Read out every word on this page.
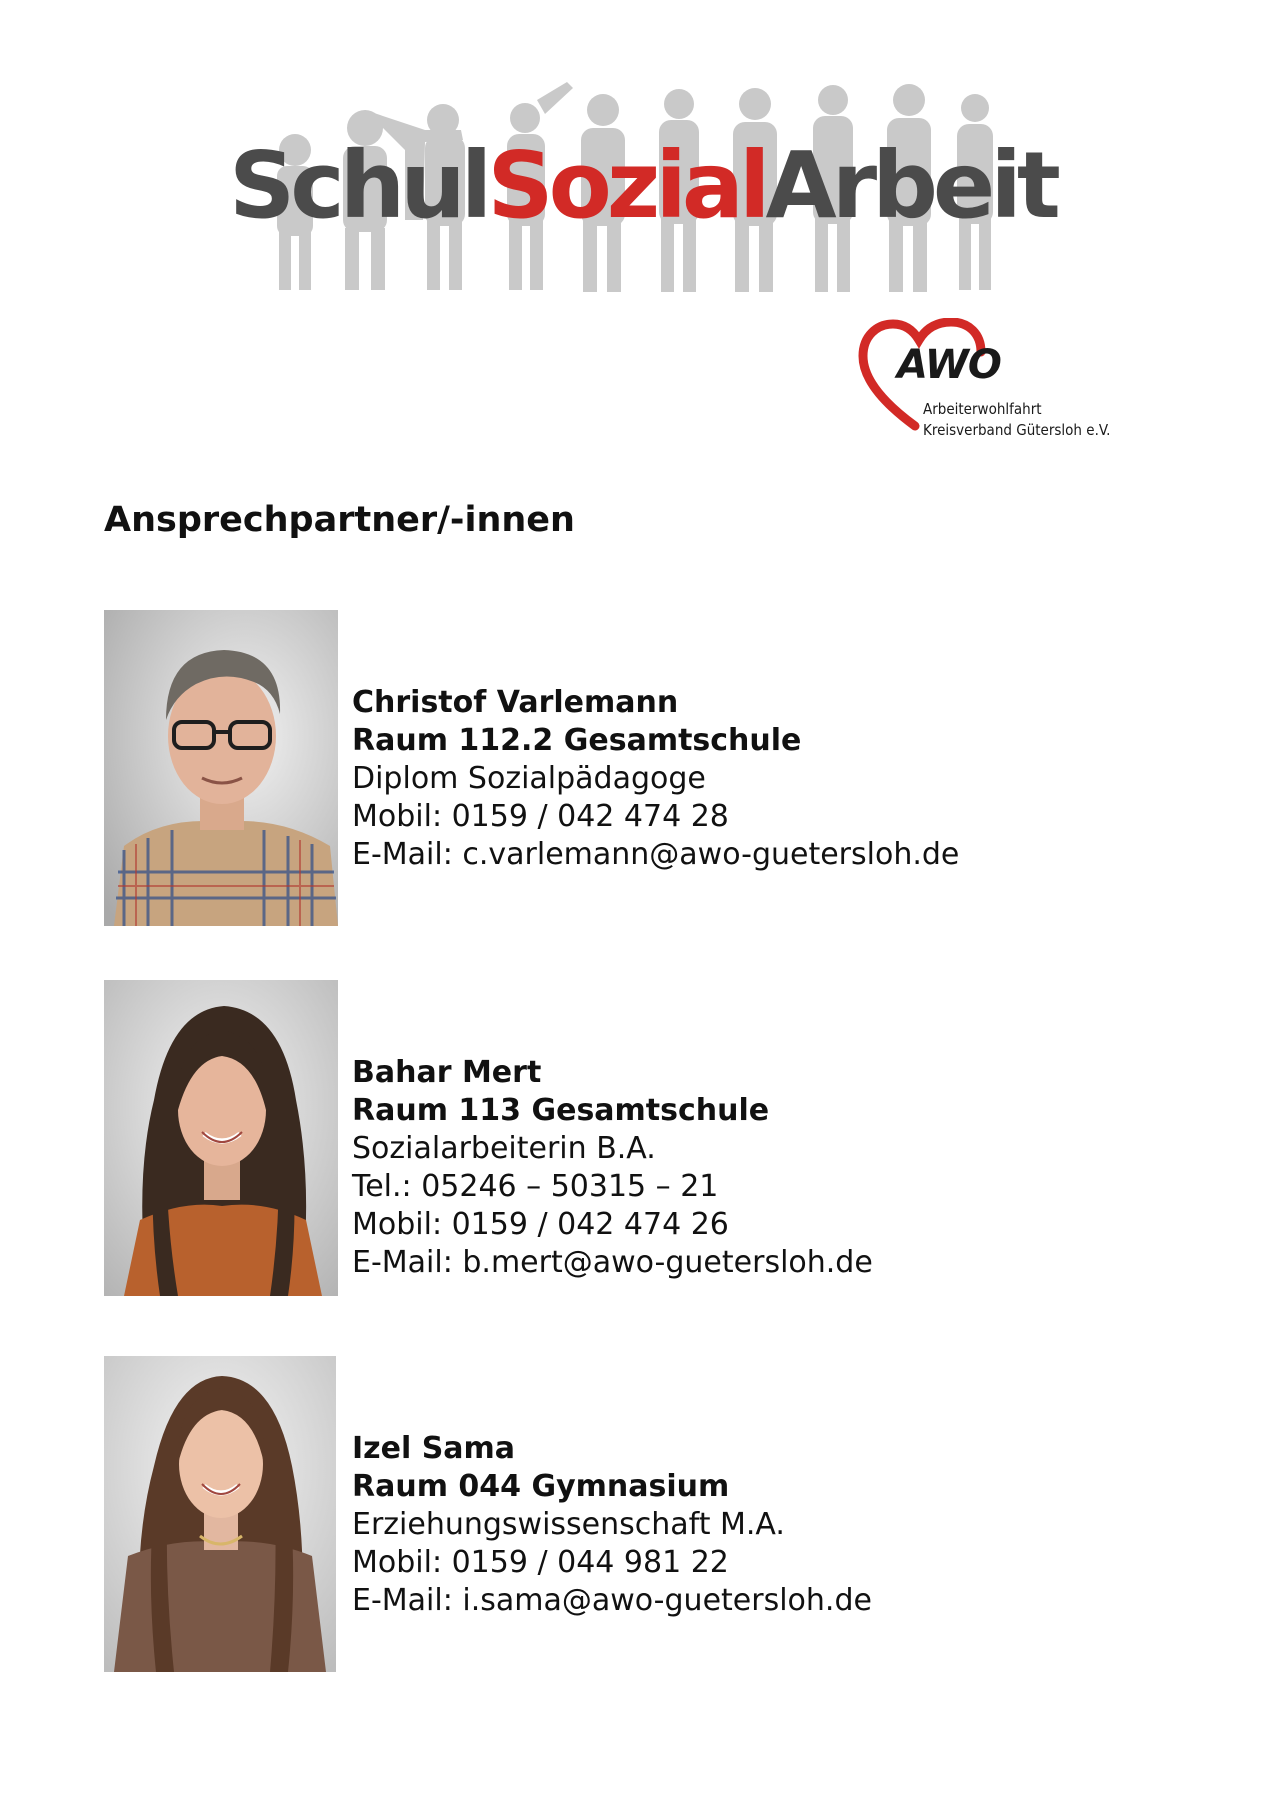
SchulSozialArbeit
AWO
Arbeiterwohlfahrt
Kreisverband Gütersloh e.V.
Ansprechpartner/-innen
Christof Varlemann
Raum 112.2 Gesamtschule
Diplom Sozialpädagoge
Mobil: 0159 / 042 474 28
E-Mail: c.varlemann@awo-guetersloh.de
Bahar Mert
Raum 113 Gesamtschule
Sozialarbeiterin B.A.
Tel.: 05246 – 50315 – 21
Mobil: 0159 / 042 474 26
E-Mail: b.mert@awo-guetersloh.de
Izel Sama
Raum 044 Gymnasium
Erziehungswissenschaft M.A.
Mobil: 0159 / 044 981 22
E-Mail: i.sama@awo-guetersloh.de
